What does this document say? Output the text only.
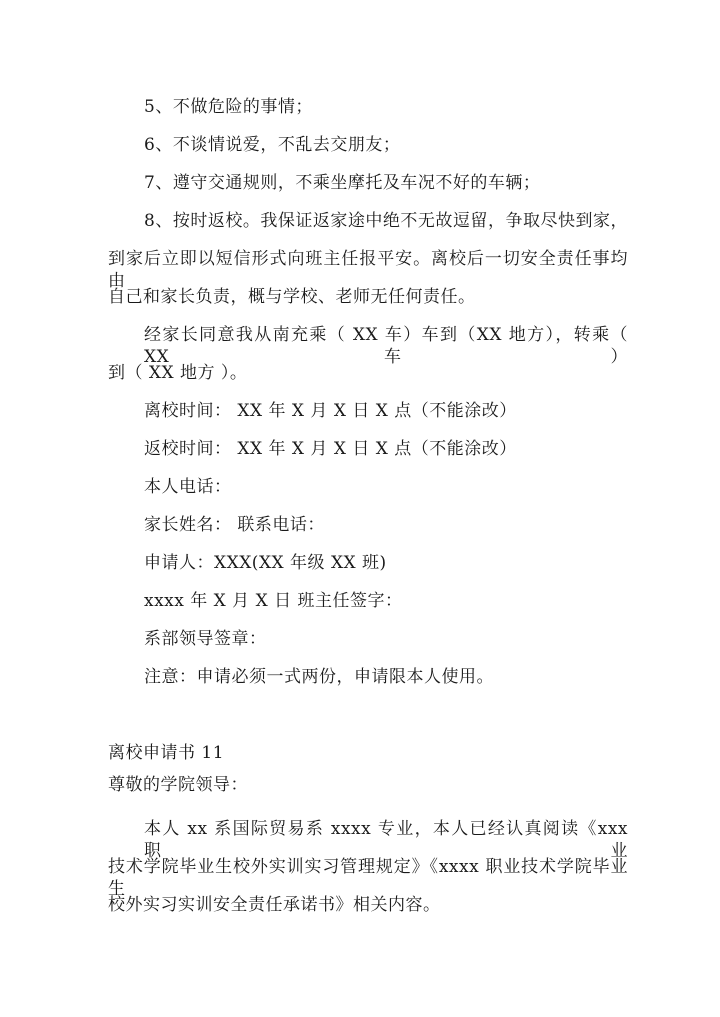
5、不做危险的事情；
6、不谈情说爱，不乱去交朋友；
7、遵守交通规则，不乘坐摩托及车况不好的车辆；
8、按时返校。我保证返家途中绝不无故逗留，争取尽快到家，
到家后立即以短信形式向班主任报平安。离校后一切安全责任事均由
自己和家长负责，概与学校、老师无任何责任。
经家长同意我从南充乘（ XX 车）车到（XX 地方），转乘（ XX 车）
到（ XX 地方 ）。
离校时间： XX 年 X 月 X 日 X 点（不能涂改）
返校时间： XX 年 X 月 X 日 X 点（不能涂改）
本人电话：
家长姓名： 联系电话：
申请人：XXX(XX 年级 XX 班)
xxxx 年 X 月 X 日 班主任签字：
系部领导签章：
注意：申请必须一式两份，申请限本人使用。
离校申请书 11
尊敬的学院领导：
本人 xx 系国际贸易系 xxxx 专业，本人已经认真阅读《xxx 职业
技术学院毕业生校外实训实习管理规定》《xxxx 职业技术学院毕业生
校外实习实训安全责任承诺书》相关内容。
